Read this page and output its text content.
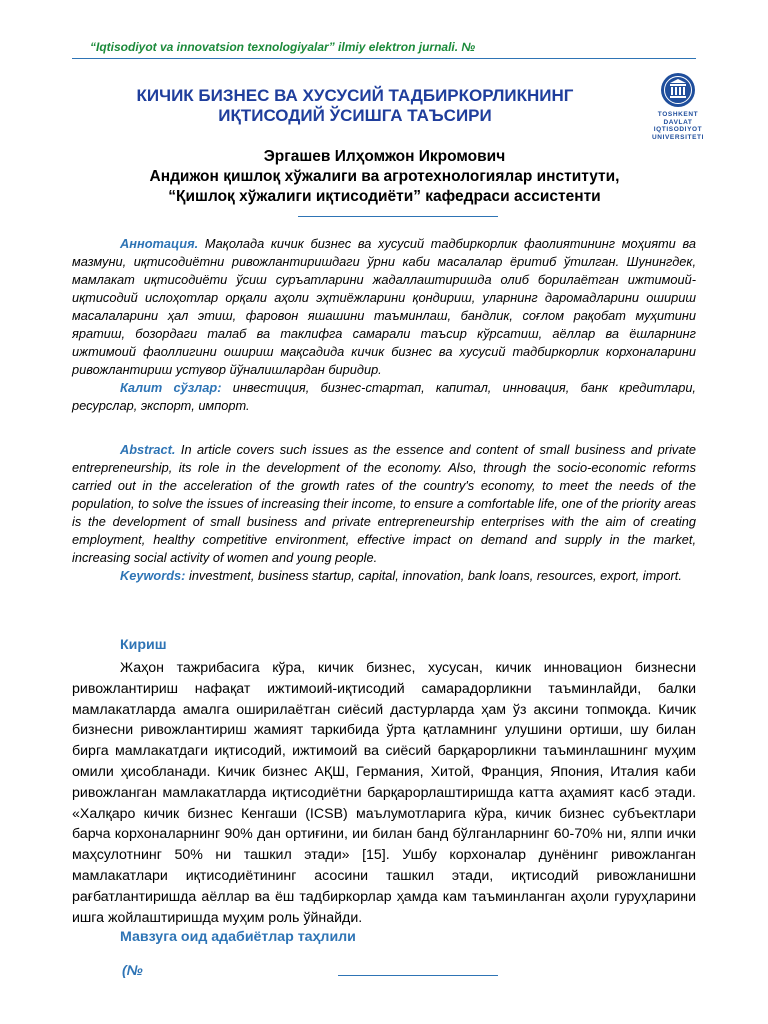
“Iqtisodiyot va innovatsion texnologiyalar” ilmiy elektron jurnali. №
TOSHKENT
DAVLAT
IQTISODIYOT
UNIVERSITETI
КИЧИК БИЗНЕС ВА ХУСУСИЙ ТАДБИРКОРЛИКНИНГ
ИҚТИСОДИЙ ЎСИШГА ТАЪСИРИ
Эргашев Илҳомжон Икромович
Андижон қишлоқ хўжалиги ва агротехнологиялар институти,
“Қишлоқ хўжалиги иқтисодиёти” кафедраси ассистенти

Аннотация. Мақолада кичик бизнес ва хусусий тадбиркорлик фаолиятининг моҳияти ва мазмуни, иқтисодиётни ривожлантиришдаги ўрни каби масалалар ёритиб ўтилган. Шунингдек, мамлакат иқтисодиёти ўсиш суръатларини жадаллаштиришда олиб борилаётган ижтимоий-иқтисодий ислоҳотлар орқали аҳоли эҳтиёжларини қондириш, уларнинг даромадларини ошириш масалаларини ҳал этиш, фаровон яшашини таъминлаш, бандлик, соғлом рақобат муҳитини яратиш, бозордаги талаб ва таклифга самарали таъсир кўрсатиш, аёллар ва ёшларнинг ижтимоий фаоллигини ошириш мақсадида кичик бизнес ва хусусий тадбиркорлик корхоналарини ривожлантириш устувор йўналишлардан биридир.

Калит сўзлар: инвестиция, бизнес-стартап, капитал, инновация, банк кредитлари, ресурслар, экспорт, импорт.

Abstract. In article covers such issues as the essence and content of small business and private entrepreneurship, its role in the development of the economy. Also, through the socio-economic reforms carried out in the acceleration of the growth rates of the country's economy, to meet the needs of the population, to solve the issues of increasing their income, to ensure a comfortable life, one of the priority areas is the development of small business and private entrepreneurship enterprises with the aim of creating employment, healthy competitive environment, effective impact on demand and supply in the market, increasing social activity of women and young people.

Keywords: investment, business startup, capital, innovation, bank loans, resources, export, import.

Кириш

Жаҳон тажрибасига кўра, кичик бизнес, хусусан, кичик инновацион бизнесни ривожлантириш нафақат ижтимоий-иқтисодий самарадорликни таъминлайди, балки мамлакатларда амалга оширилаётган сиёсий дастурларда ҳам ўз аксини топмоқда. Кичик бизнесни ривожлантириш жамият таркибида ўрта қатламнинг улушини ортиши, шу билан бирга мамлакатдаги иқтисодий, ижтимоий ва сиёсий барқарорликни таъминлашнинг муҳим омили ҳисобланади. Кичик бизнес АҚШ, Германия, Хитой, Франция, Япония, Италия каби ривожланган мамлакатларда иқтисодиётни барқарорлаштиришда катта аҳамият касб этади. «Халқаро кичик бизнес Кенгаши (ICSB) маълумотларига кўра, кичик бизнес субъектлари барча корхоналарнинг 90% дан ортиғини, ии билан банд бўлганларнинг 60-70% ни, ялпи ички маҳсулотнинг 50% ни ташкил этади» [15]. Ушбу корхоналар дунёнинг ривожланган мамлакатлари иқтисодиётининг асосини ташкил этади, иқтисодий ривожланишни рағбатлантиришда аёллар ва ёш тадбиркорлар ҳамда кам таъминланган аҳоли гуруҳларини ишга жойлаштиришда муҳим роль ўйнайди.

Мавзуга оид адабиётлар таҳлили
(№
